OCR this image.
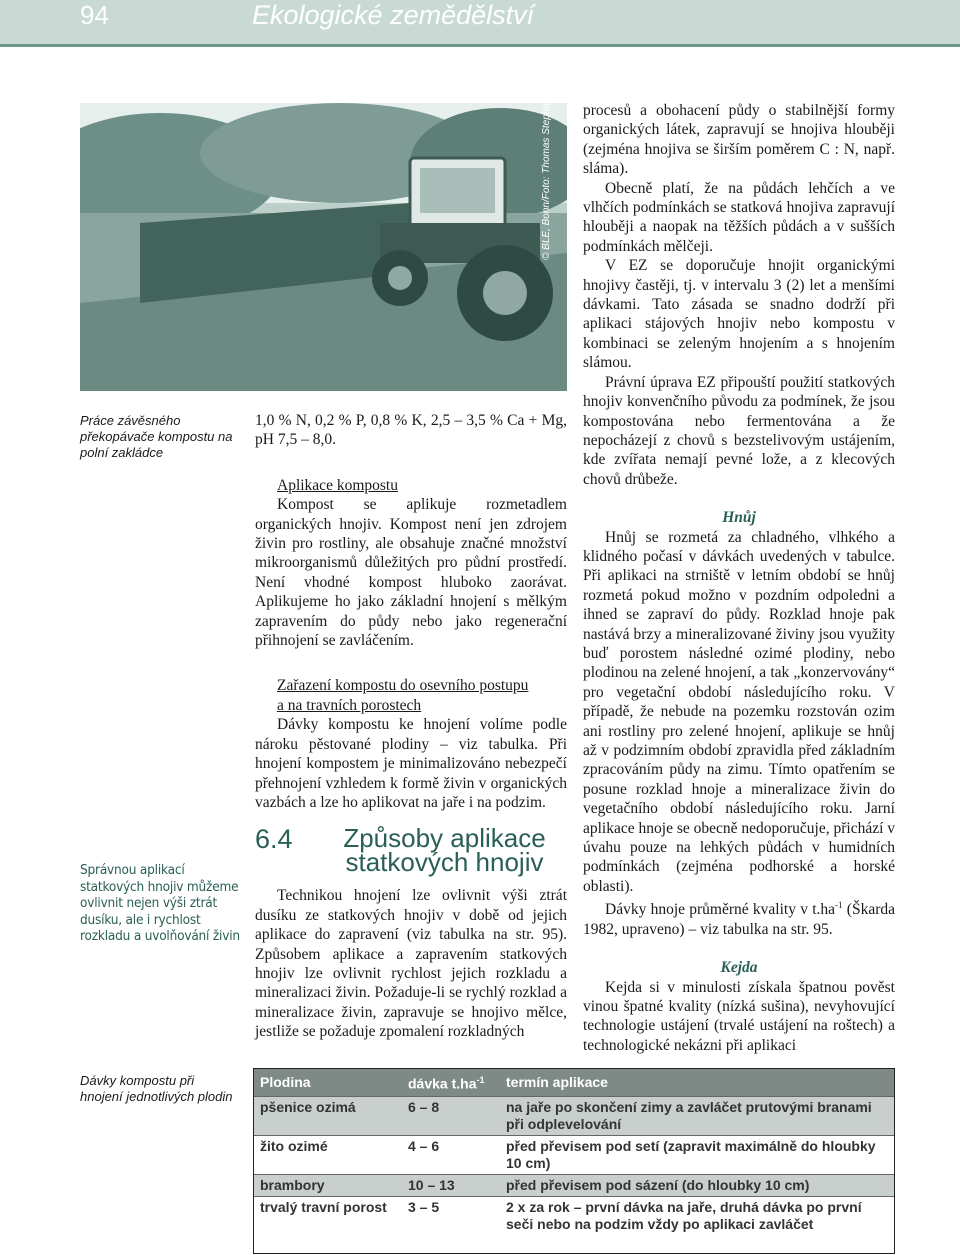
94	Ekologické zemědělství
© BLE, Bonn/Foto: Thomas Stephan
Práce závěsného překopávače kompostu na polní zakládce
Správnou aplikací statkových hnojiv můžeme ovlivnit nejen výši ztrát dusíku, ale i rychlost rozkladu a uvolňování živin
Dávky kompostu při hnojení jednotlivých plodin

1,0 % N, 0,2 % P, 0,8 % K, 2,5 – 3,5 % Ca + Mg, pH 7,5 – 8,0.

Aplikace kompostu

Kompost se aplikuje rozmetadlem organických hnojiv. Kompost není jen zdrojem živin pro rostliny, ale obsahuje značné množství mikroorganismů důležitých pro půdní prostředí. Není vhodné kompost hluboko zaorávat. Aplikujeme ho jako základní hnojení s mělkým zapravením do půdy nebo jako regenerační přihnojení se zavláčením.

Zařazení kompostu do osevního postupu

a na travních porostech

Dávky kompostu ke hnojení volíme podle nároku pěstované plodiny – viz tabulka. Při hnojení kompostem je minimalizováno nebezpečí přehnojení vzhledem k formě živin v organických vazbách a lze ho aplikovat na jaře i na podzim.

6.4 Způsoby aplikace statkových hnojiv

Technikou hnojení lze ovlivnit výši ztrát dusíku ze statkových hnojiv v době od jejich aplikace do zapravení (viz tabulka na str. 95). Způsobem aplikace a zapravením statkových hnojiv lze ovlivnit rychlost jejich rozkladu a mineralizaci živin. Požaduje-li se rychlý rozklad a mineralizace živin, zapravuje se hnojivo mělce, jestliže se požaduje zpomalení rozkladných

procesů a obohacení půdy o stabilnější formy organických látek, zapravují se hnojiva hlouběji (zejména hnojiva se širším poměrem C : N, např. sláma).

Obecně platí, že na půdách lehčích a ve vlhčích podmínkách se statková hnojiva zapravují hlouběji a naopak na těžších půdách a v sušších podmínkách mělčeji.

V EZ se doporučuje hnojit organickými hnojivy častěji, tj. v intervalu 3 (2) let a menšími dávkami. Tato zásada se snadno dodrží při aplikaci stájových hnojiv nebo kompostu v kombinaci se zeleným hnojením a s hnojením slámou.

Právní úprava EZ připouští použití statkových hnojiv konvenčního původu za podmínek, že jsou kompostována nebo fermentována a že nepocházejí z chovů s bezstelivovým ustájením, kde zvířata nemají pevné lože, a z klecových chovů drůbeže.

Hnůj

Hnůj se rozmetá za chladného, vlhkého a klidného počasí v dávkách uvedených v tabulce. Při aplikaci na strniště v letním období se hnůj rozmetá pokud možno v pozdním odpoledni a ihned se zapraví do půdy. Rozklad hnoje pak nastává brzy a mineralizované živiny jsou využity buď porostem následné ozimé plodiny, nebo plodinou na zelené hnojení, a tak „konzervovány“ pro vegetační období následujícího roku. V případě, že nebude na pozemku rozstován ozim ani rostliny pro zelené hnojení, aplikuje se hnůj až v podzimním období zpravidla před základním zpracováním půdy na zimu. Tímto opatřením se posune rozklad hnoje a mineralizace živin do vegetačního období následujícího roku. Jarní aplikace hnoje se obecně nedoporučuje, přichází v úvahu pouze na lehkých půdách v humidních podmínkách (zejména podhorské a horské oblasti).

Dávky hnoje průměrné kvality v $t.ha^{-1}$ (Škarda 1982, upraveno) – viz tabulka na str. 95.

Kejda

Kejda si v minulosti získala špatnou pověst vinou špatné kvality (nízká sušina), nevyhovující technologie ustájení (trvalé ustájení na roštech) a technologické nekázni při aplikaci

Plodina	dávka $t.ha^{-1}$	termín aplikace
pšenice ozimá	6 – 8	na jaře po skončení zimy a zavláčet prutovými branami při odplevelování
žito ozimé	4 – 6	před převisem pod setí (zapravit maximálně do hloubky 10 cm)
brambory	10 – 13	před převisem pod sázení (do hloubky 10 cm)
trvalý travní porost	3 – 5	2 x za rok – první dávka na jaře, druhá dávka po první seči nebo na podzim vždy po aplikaci zavláčet
